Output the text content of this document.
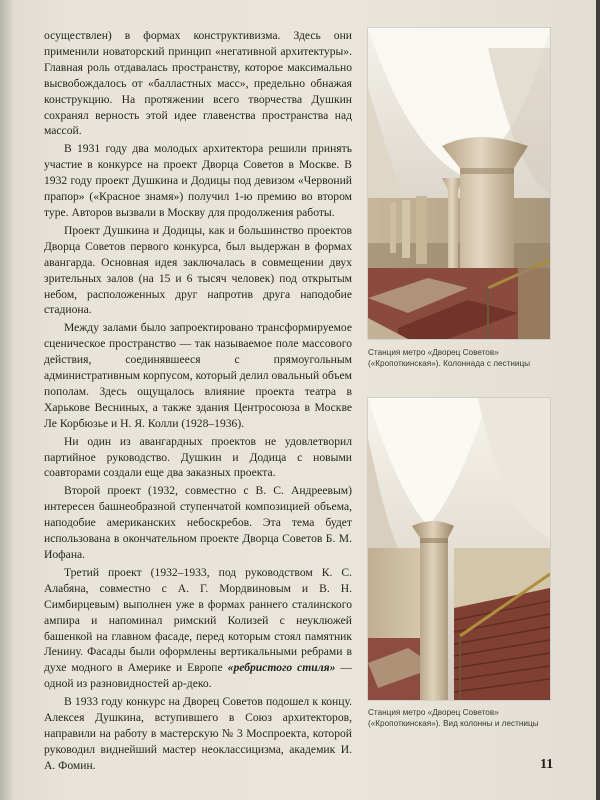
осуществлен) в формах конструктивизма. Здесь они применили новаторский принцип «негативной архитектуры». Главная роль отдавалась пространству, которое максимально высвобождалось от «балластных масс», предельно обнажая конструкцию. На протяжении всего творчества Душкин сохранял верность этой идее главенства пространства над массой.

В 1931 году два молодых архитектора решили принять участие в конкурсе на проект Дворца Советов в Москве. В 1932 году проект Душкина и Додицы под девизом «Червоний прапор» («Красное знамя») получил 1-ю премию во втором туре. Авторов вызвали в Москву для продолжения работы.

Проект Душкина и Додицы, как и большинство проектов Дворца Советов первого конкурса, был выдержан в формах авангарда. Основная идея заключалась в совмещении двух зрительных залов (на 15 и 6 тысяч человек) под открытым небом, расположенных друг напротив друга наподобие стадиона.

Между залами было запроектировано трансформируемое сценическое пространство — так называемое поле массового действия, соединявшееся с прямоугольным административным корпусом, который делил овальный объем пополам. Здесь ощущалось влияние проекта театра в Харькове Весниных, а также здания Центросоюза в Москве Ле Корбюзье и Н. Я. Колли (1928–1936).

Ни один из авангардных проектов не удовлетворил партийное руководство. Душкин и Додица с новыми соавторами создали еще два заказных проекта.

Второй проект (1932, совместно с В. С. Андреевым) интересен башнеобразной ступенчатой композицией объема, наподобие американских небоскребов. Эта тема будет использована в окончательном проекте Дворца Советов Б. М. Иофана.

Третий проект (1932–1933, под руководством К. С. Алабяна, совместно с А. Г. Мордвиновым и В. Н. Симбирцевым) выполнен уже в формах раннего сталинского ампира и напоминал римский Колизей с неуклюжей башенкой на главном фасаде, перед которым стоял памятник Ленину. Фасады были оформлены вертикальными ребрами в духе модного в Америке и Европе «ребристого стиля» — одной из разновидностей ар-деко.

В 1933 году конкурс на Дворец Советов подошел к концу. Алексея Душкина, вступившего в Союз архитекторов, направили на работу в мастерскую № 3 Моспроекта, которой руководил виднейший мастер неоклассицизма, академик И. А. Фомин.

Станция метро «Дворец Советов» («Кропоткинская»). Колоннада с лестницы
Станция метро «Дворец Советов» («Кропоткинская»). Вид колонны и лестницы
11
